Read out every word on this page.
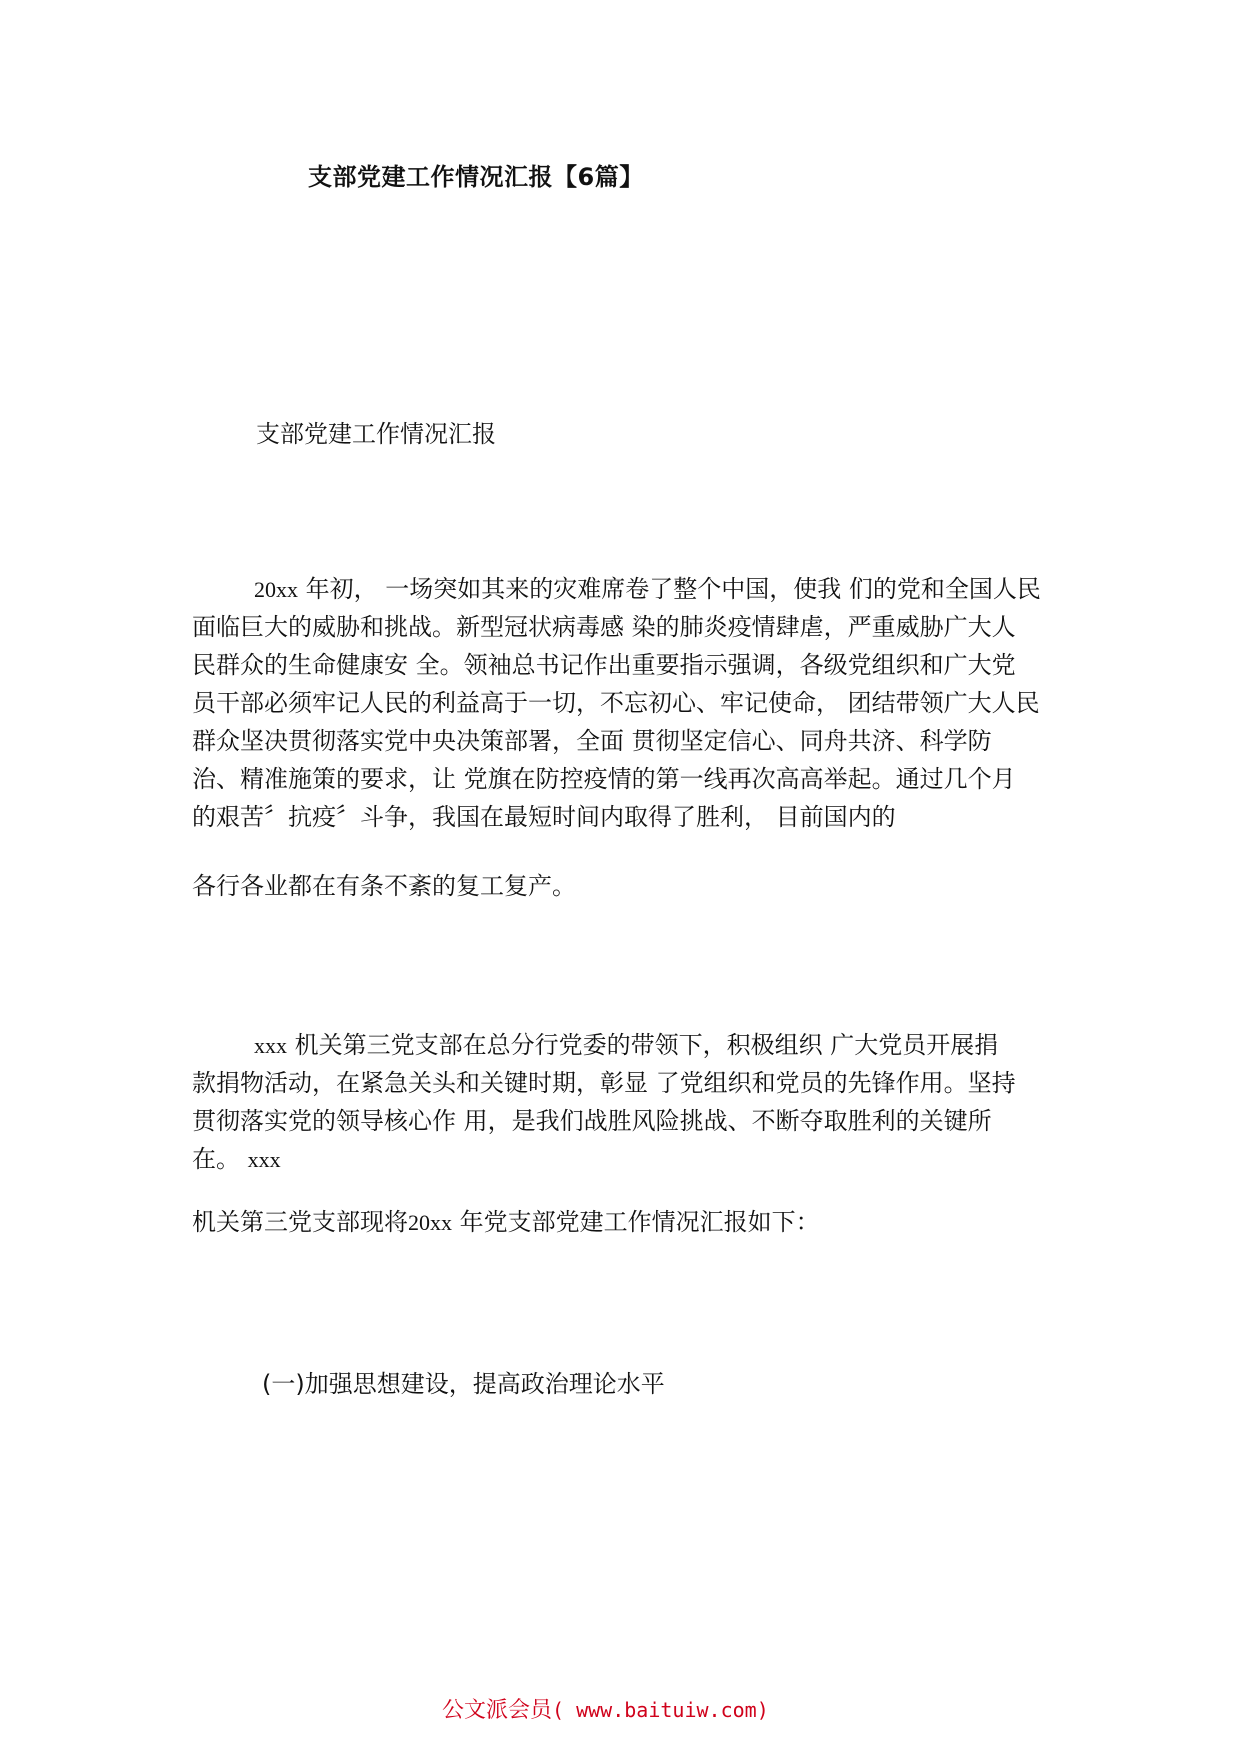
支部党建工作情况汇报【6篇】
支部党建工作情况汇报
20xx 年初， 一场突如其来的灾难席卷了整个中国，使我 们的党和全国人民
面临巨大的威胁和挑战。新型冠状病毒感 染的肺炎疫情肆虐，严重威胁广大人
民群众的生命健康安 全。领袖总书记作出重要指示强调，各级党组织和广大党
员干部必须牢记人民的利益高于一切，不忘初心、牢记使命， 团结带领广大人民
群众坚决贯彻落实党中央决策部署，全面 贯彻坚定信心、同舟共济、科学防
治、精准施策的要求，让 党旗在防控疫情的第一线再次高高举起。通过几个月
的艰苦〞抗疫〞斗争，我国在最短时间内取得了胜利， 目前国内的
各行各业都在有条不紊的复工复产。
xxx 机关第三党支部在总分行党委的带领下，积极组织 广大党员开展捐
款捐物活动，在紧急关头和关键时期，彰显 了党组织和党员的先锋作用。坚持
贯彻落实党的领导核心作 用，是我们战胜风险挑战、不断夺取胜利的关键所
在。 xxx
机关第三党支部现将20xx 年党支部党建工作情况汇报如下：
(一)加强思想建设，提高政治理论水平
公文派会员( www.baituiw.com)
